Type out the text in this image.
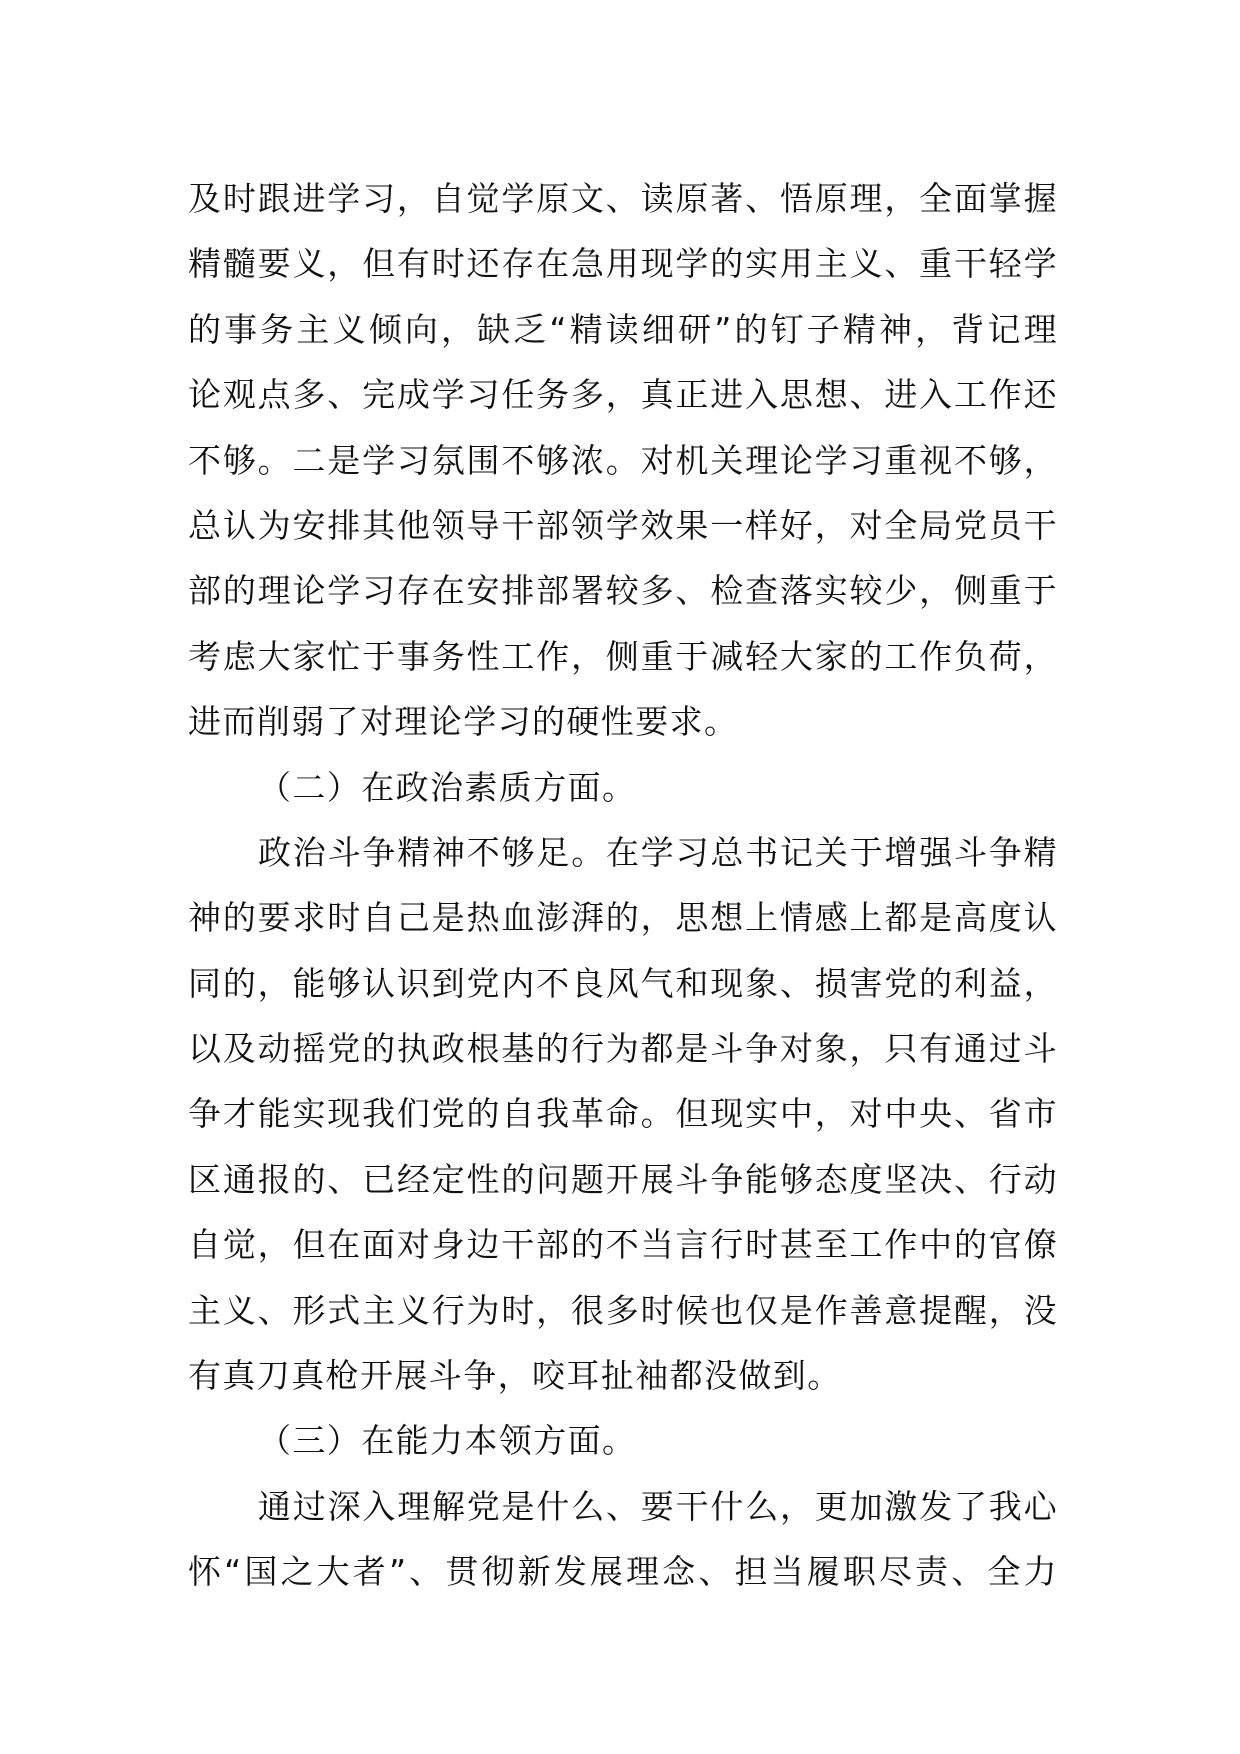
及时跟进学习，自觉学原文、读原著、悟原理，全面掌握
精髓要义，但有时还存在急用现学的实用主义、重干轻学
的事务主义倾向，缺乏“精读细研”的钉子精神，背记理
论观点多、完成学习任务多，真正进入思想、进入工作还
不够。二是学习氛围不够浓。对机关理论学习重视不够，
总认为安排其他领导干部领学效果一样好，对全局党员干
部的理论学习存在安排部署较多、检查落实较少，侧重于
考虑大家忙于事务性工作，侧重于减轻大家的工作负荷，
进而削弱了对理论学习的硬性要求。
（二）在政治素质方面。
政治斗争精神不够足。在学习总书记关于增强斗争精
神的要求时自己是热血澎湃的，思想上情感上都是高度认
同的，能够认识到党内不良风气和现象、损害党的利益，
以及动摇党的执政根基的行为都是斗争对象，只有通过斗
争才能实现我们党的自我革命。但现实中，对中央、省市
区通报的、已经定性的问题开展斗争能够态度坚决、行动
自觉，但在面对身边干部的不当言行时甚至工作中的官僚
主义、形式主义行为时，很多时候也仅是作善意提醒，没
有真刀真枪开展斗争，咬耳扯袖都没做到。
（三）在能力本领方面。
通过深入理解党是什么、要干什么，更加激发了我心
怀“国之大者”、贯彻新发展理念、担当履职尽责、全力
